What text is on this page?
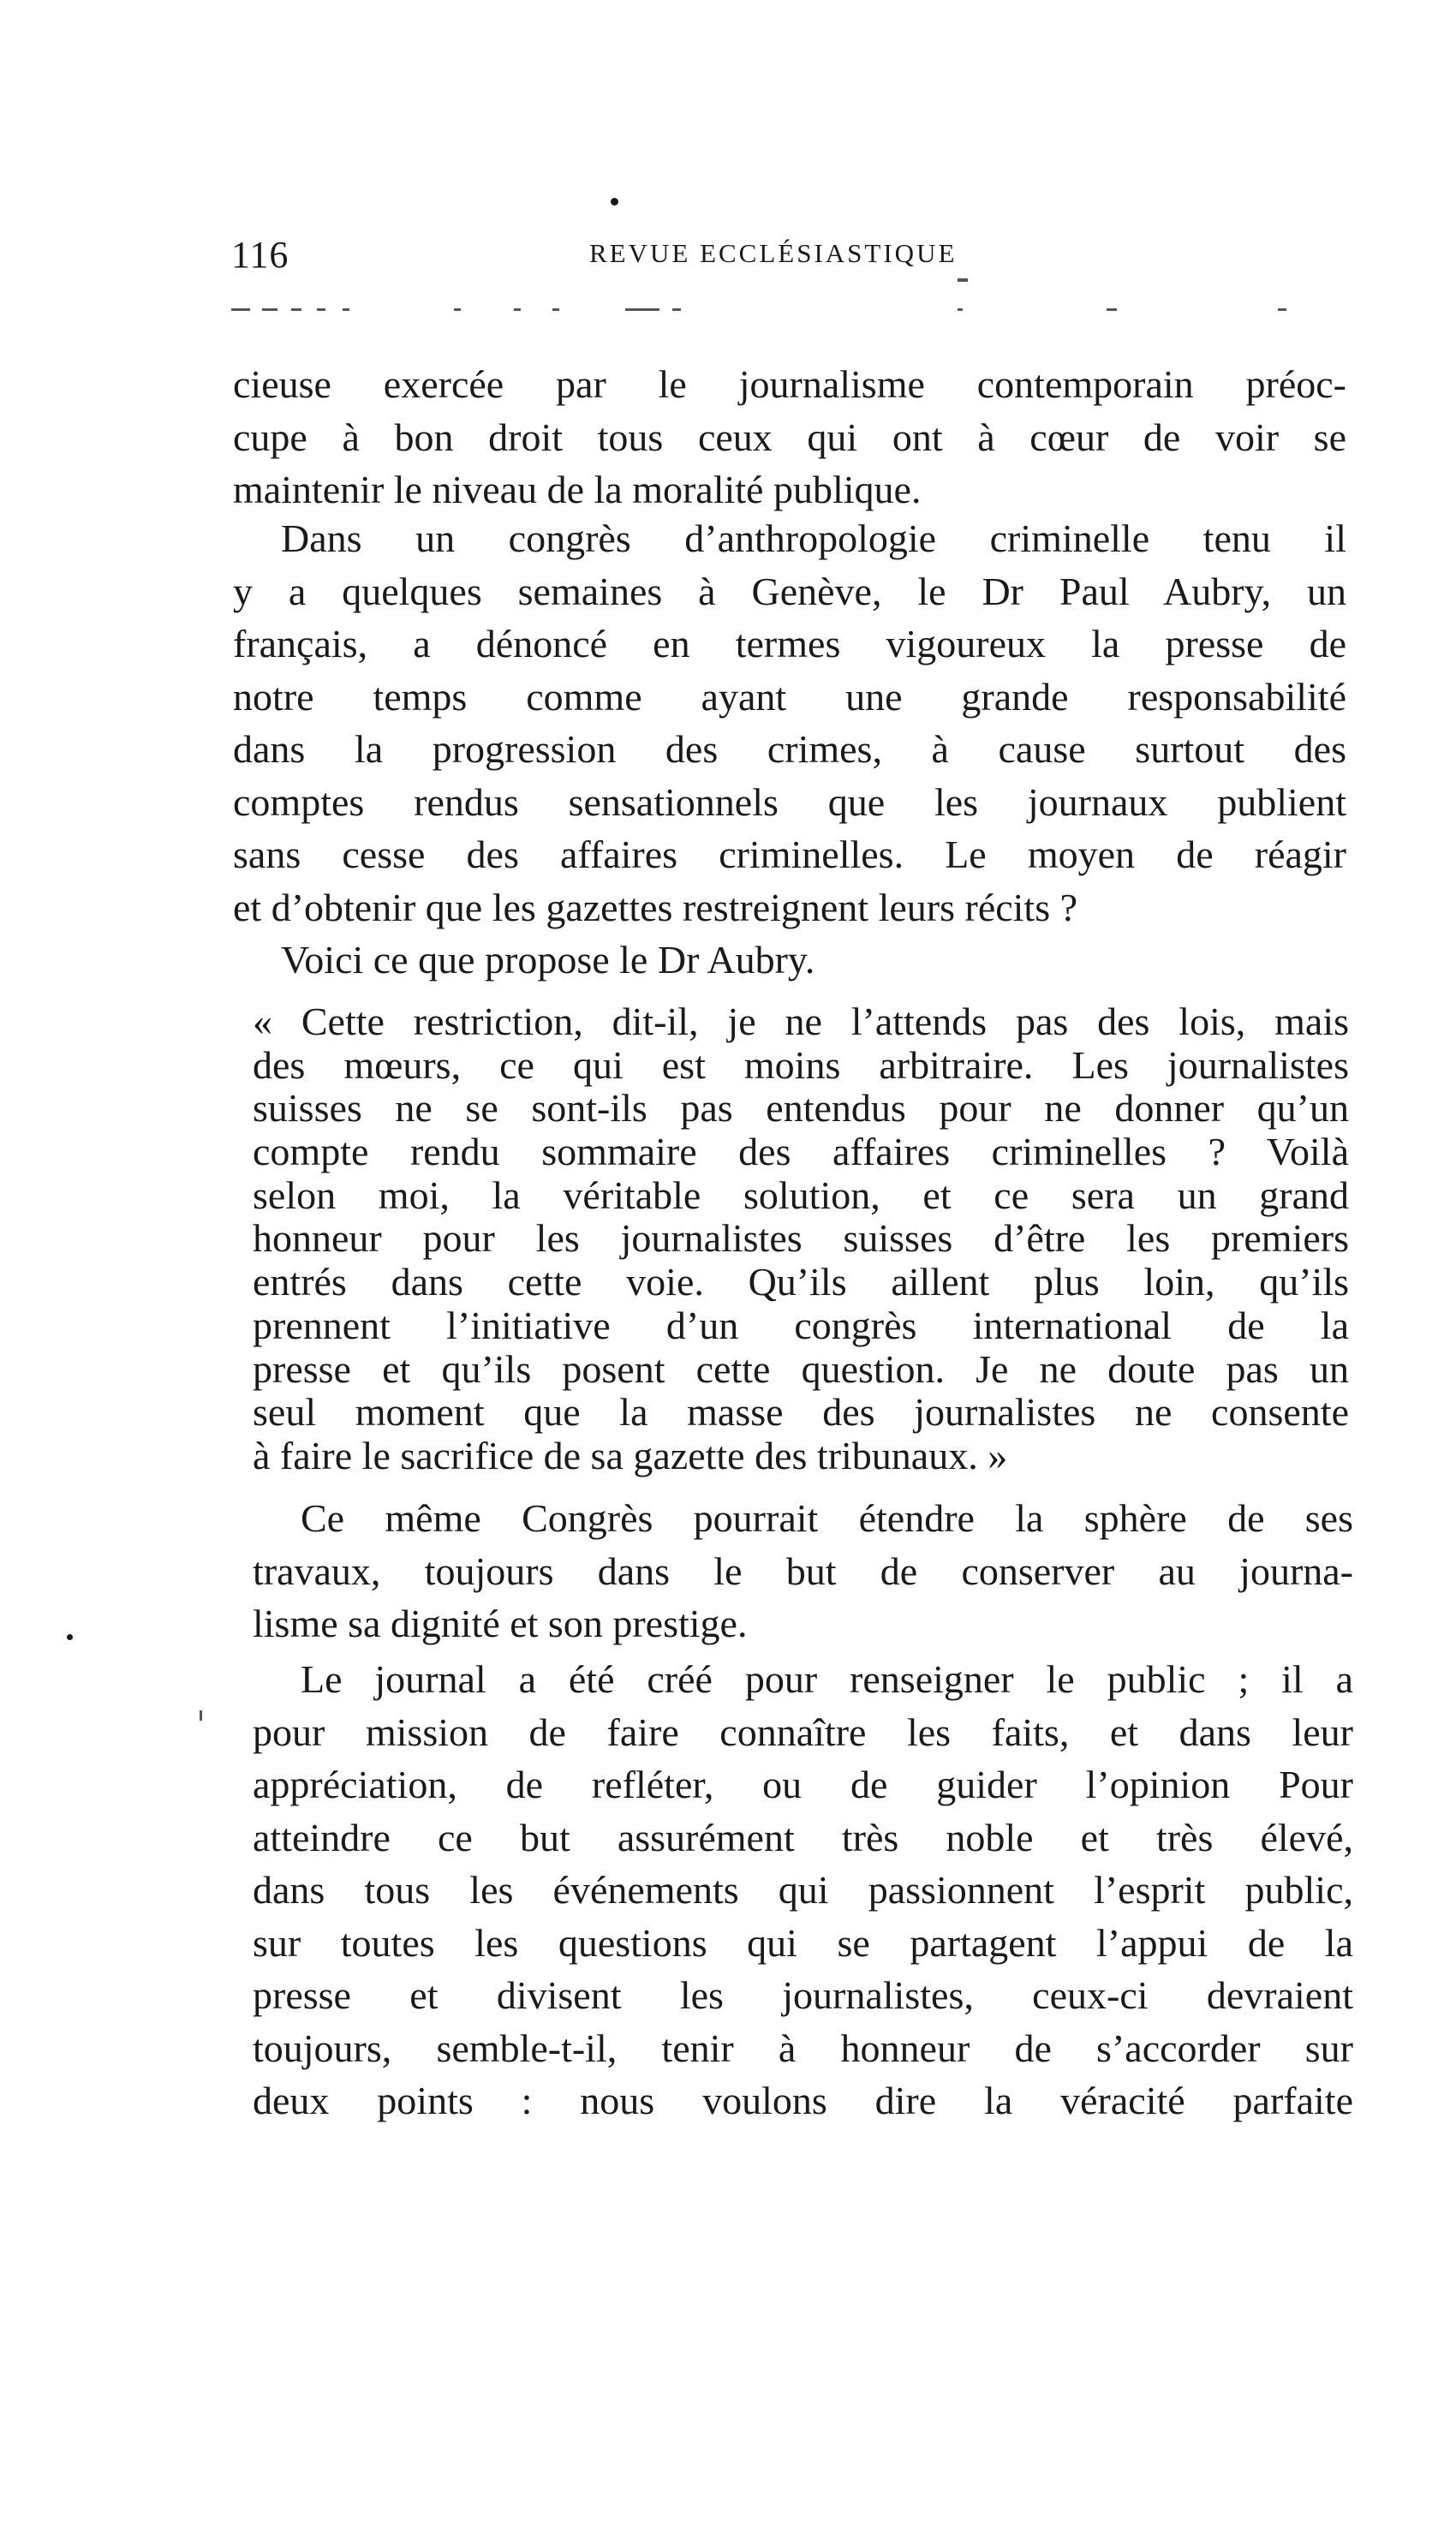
116	REVUE ECCLÉSIASTIQUE
cieuse exercée par le journalisme contemporain préoc-
cupe à bon droit tous ceux qui ont à cœur de voir se
maintenir le niveau de la moralité publique.
Dans un congrès d’anthropologie criminelle tenu il
y a quelques semaines à Genève, le Dr Paul Aubry, un
français, a dénoncé en termes vigoureux la presse de
notre temps comme ayant une grande responsabilité
dans la progression des crimes, à cause surtout des
comptes rendus sensationnels que les journaux publient
sans cesse des affaires criminelles. Le moyen de réagir
et d’obtenir que les gazettes restreignent leurs récits ?
Voici ce que propose le Dr Aubry.
« Cette restriction, dit-il, je ne l’attends pas des lois, mais
des mœurs, ce qui est moins arbitraire. Les journalistes
suisses ne se sont-ils pas entendus pour ne donner qu’un
compte rendu sommaire des affaires criminelles ? Voilà
selon moi, la véritable solution, et ce sera un grand
honneur pour les journalistes suisses d’être les premiers
entrés dans cette voie. Qu’ils aillent plus loin, qu’ils
prennent l’initiative d’un congrès international de la
presse et qu’ils posent cette question. Je ne doute pas un
seul moment que la masse des journalistes ne consente
à faire le sacrifice de sa gazette des tribunaux. »
Ce même Congrès pourrait étendre la sphère de ses
travaux, toujours dans le but de conserver au journa-
lisme sa dignité et son prestige.
Le journal a été créé pour renseigner le public ; il a
pour mission de faire connaître les faits, et dans leur
appréciation, de refléter, ou de guider l’opinion Pour
atteindre ce but assurément très noble et très élevé,
dans tous les événements qui passionnent l’esprit public,
sur toutes les questions qui se partagent l’appui de la
presse et divisent les journalistes, ceux-ci devraient
toujours, semble-t-il, tenir à honneur de s’accorder sur
deux points : nous voulons dire la véracité parfaite
